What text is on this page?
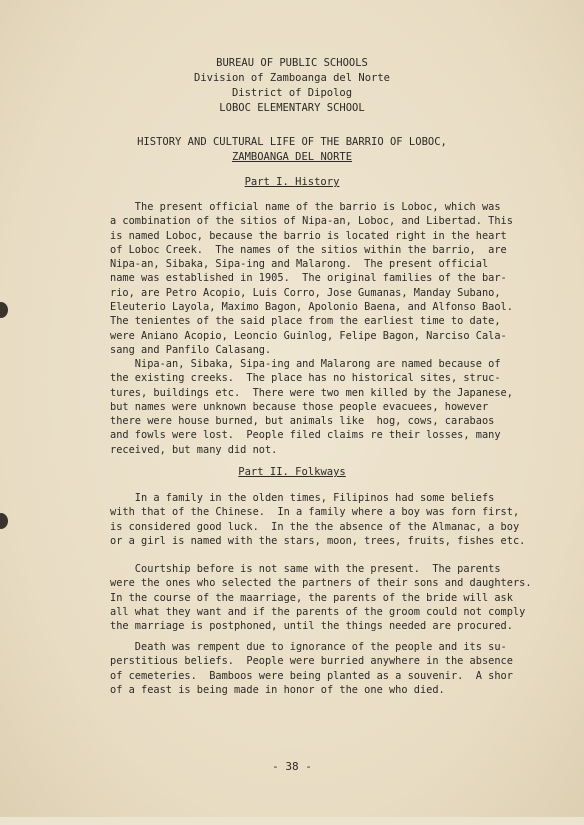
BUREAU OF PUBLIC SCHOOLS
Division of Zamboanga del Norte
District of Dipolog
LOBOC ELEMENTARY SCHOOL
HISTORY AND CULTURAL LIFE OF THE BARRIO OF LOBOC,
ZAMBOANGA DEL NORTE
Part I. History
The present official name of the barrio is Loboc, which was
a combination of the sitios of Nipa-an, Loboc, and Libertad. This
is named Loboc, because the barrio is located right in the heart
of Loboc Creek.  The names of the sitios within the barrio,  are
Nipa-an, Sibaka, Sipa-ing and Malarong.  The present official
name was established in 1905.  The original families of the bar-
rio, are Petro Acopio, Luis Corro, Jose Gumanas, Manday Subano,
Eleuterio Layola, Maximo Bagon, Apolonio Baena, and Alfonso Baol.
The tenientes of the said place from the earliest time to date,
were Aniano Acopio, Leoncio Guinlog, Felipe Bagon, Narciso Cala-
sang and Panfilo Calasang.
Nipa-an, Sibaka, Sipa-ing and Malarong are named because of
the existing creeks.  The place has no historical sites, struc-
tures, buildings etc.  There were two men killed by the Japanese,
but names were unknown because those people evacuees, however
there were house burned, but animals like  hog, cows, carabaos
and fowls were lost.  People filed claims re their losses, many
received, but many did not.
Part II. Folkways
In a family in the olden times, Filipinos had some beliefs
with that of the Chinese.  In a family where a boy was forn first,
is considered good luck.  In the the absence of the Almanac, a boy
or a girl is named with the stars, moon, trees, fruits, fishes etc.
Courtship before is not same with the present.  The parents
were the ones who selected the partners of their sons and daughters.
In the course of the maarriage, the parents of the bride will ask
all what they want and if the parents of the groom could not comply
the marriage is postphoned, until the things needed are procured.
Death was rempent due to ignorance of the people and its su-
perstitious beliefs.  People were burried anywhere in the absence
of cemeteries.  Bamboos were being planted as a souvenir.  A shor
of a feast is being made in honor of the one who died.
- 38 -
